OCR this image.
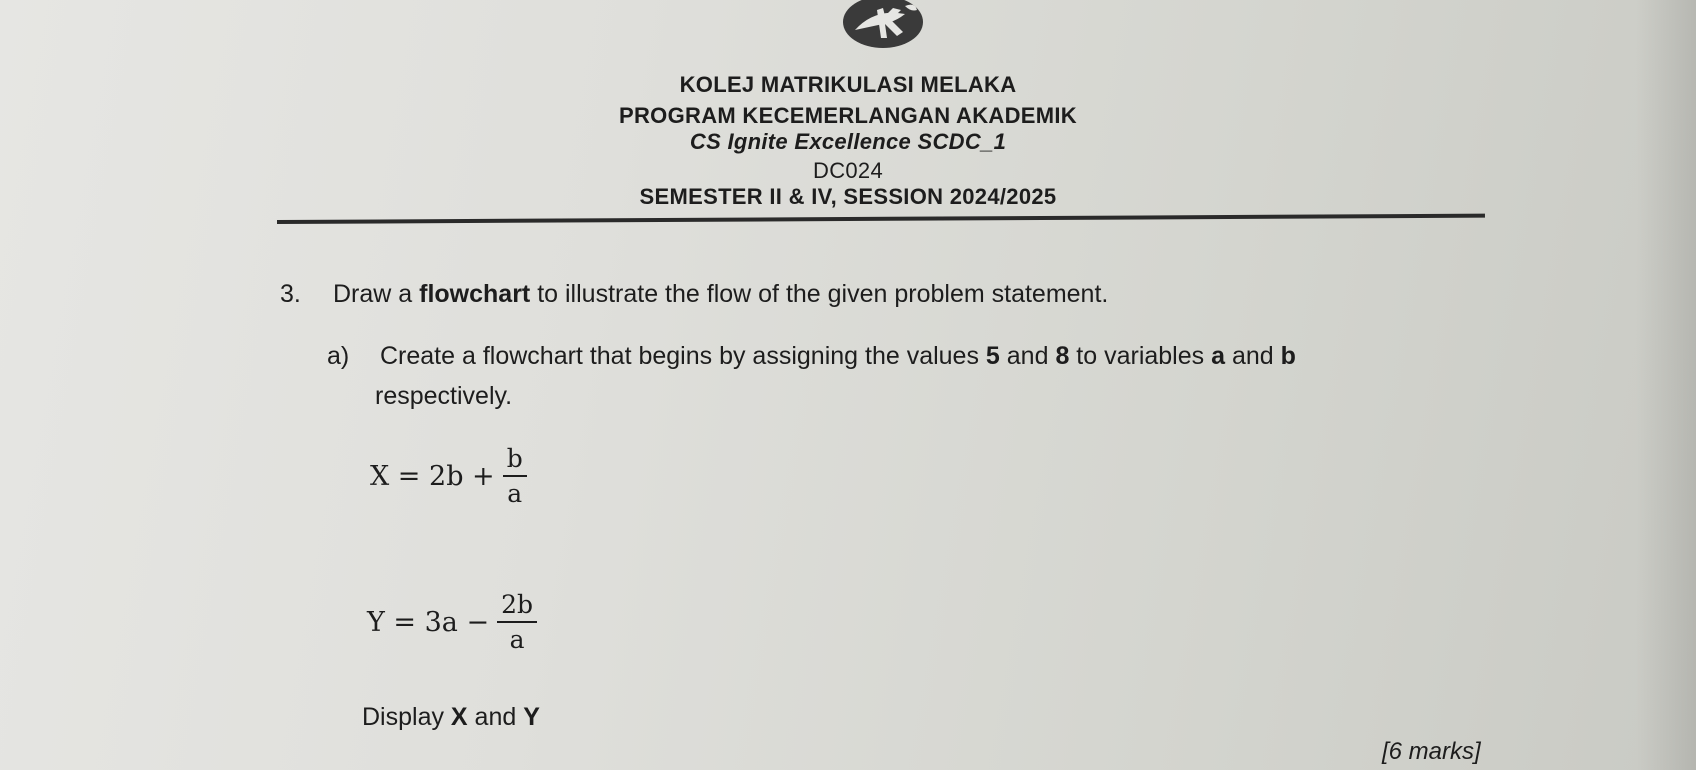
KOLEJ MATRIKULASI MELAKA
PROGRAM KECEMERLANGAN AKADEMIK
CS Ignite Excellence SCDC_1
DC024
SEMESTER II & IV, SESSION 2024/2025
3. Draw a flowchart to illustrate the flow of the given problem statement.
a) Create a flowchart that begins by assigning the values 5 and 8 to variables a and b
respectively.
$X = 2b + \frac{b}{a}$
$Y = 3a - \frac{2b}{a}$
Display X and Y
[6 marks]
